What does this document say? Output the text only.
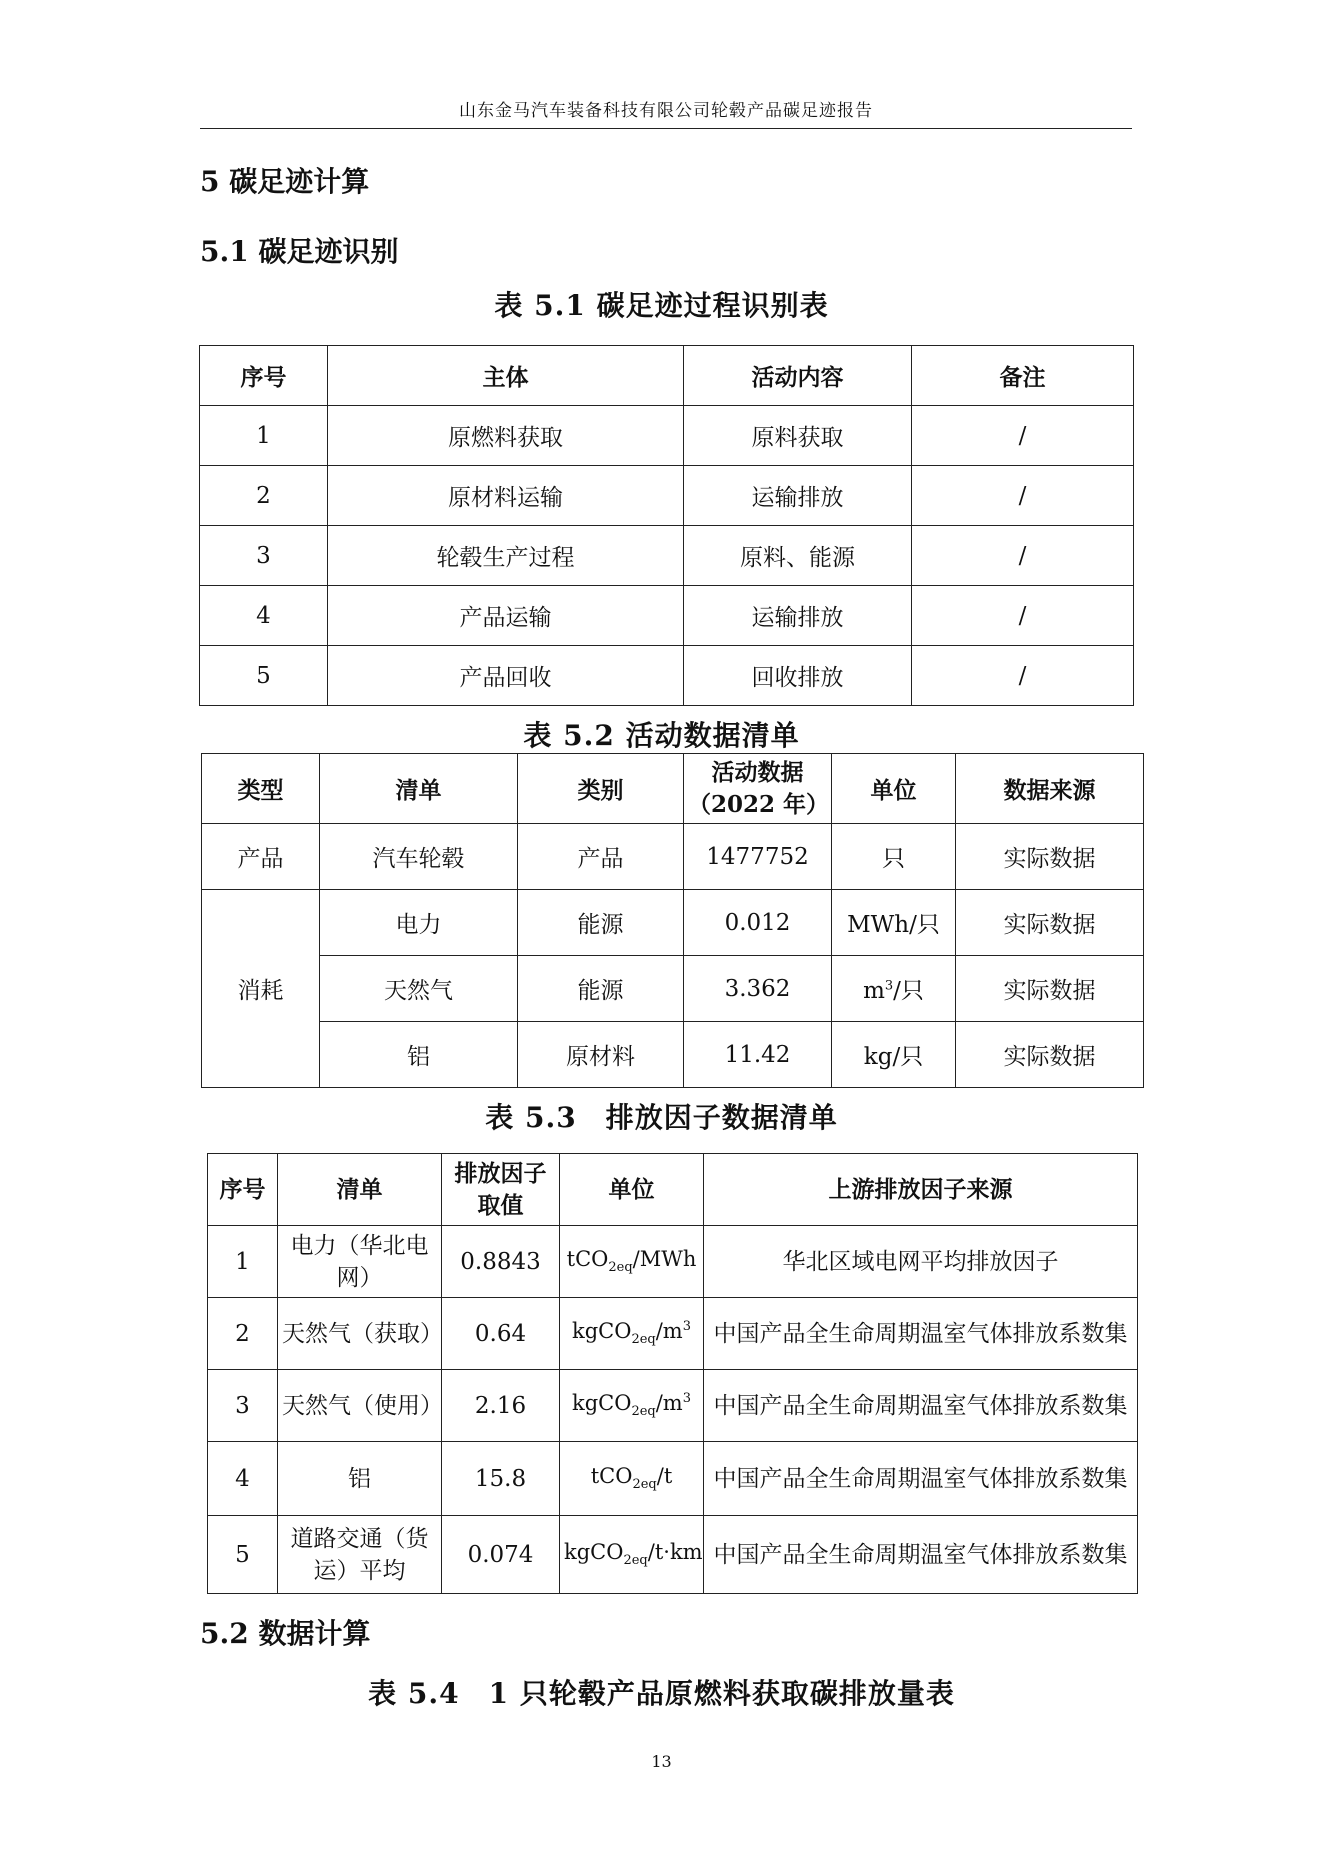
山东金马汽车装备科技有限公司轮毂产品碳足迹报告
5 碳足迹计算
5.1 碳足迹识别
表 5.1 碳足迹过程识别表
序号	主体	活动内容	备注
1	原燃料获取	原料获取	/
2	原材料运输	运输排放	/
3	轮毂生产过程	原料、能源	/
4	产品运输	运输排放	/
5	产品回收	回收排放	/
表 5.2 活动数据清单
类型	清单	类别	活动数据（2022 年）	单位	数据来源
产品	汽车轮毂	产品	1477752	只	实际数据
消耗	电力	能源	0.012	MWh/只	实际数据
	天然气	能源	3.362	$m^3/$只	实际数据
	铝	原材料	11.42	kg/只	实际数据
表 5.3　排放因子数据清单
序号	清单	排放因子取值	单位	上游排放因子来源
1	电力（华北电网）	0.8843	tCO$_{2eq}$/MWh	华北区域电网平均排放因子
2	天然气（获取）	0.64	$kgCO_{2eq}/m^3$	中国产品全生命周期温室气体排放系数集
3	天然气（使用）	2.16	$kgCO_{2eq}/m^3$	中国产品全生命周期温室气体排放系数集
4	铝	15.8	tCO$_{2eq}$/t	中国产品全生命周期温室气体排放系数集
5	道路交通（货运）平均	0.074	kgCO$_{2eq}$/t·km	中国产品全生命周期温室气体排放系数集
5.2 数据计算
表 5.4　1 只轮毂产品原燃料获取碳排放量表
13
